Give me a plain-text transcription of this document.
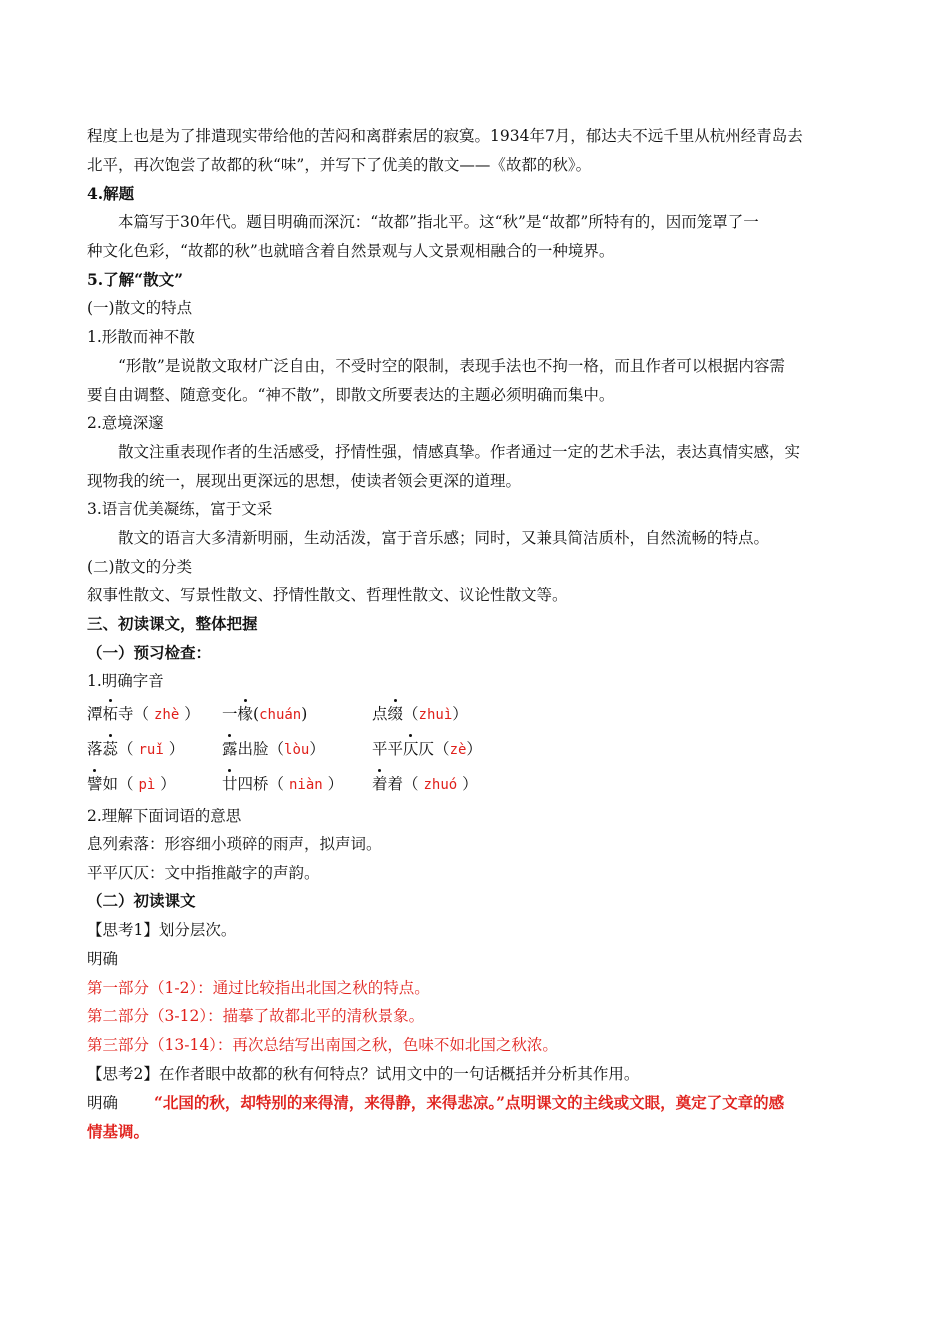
程度上也是为了排遣现实带给他的苦闷和离群索居的寂寞。1934年7月，郁达夫不远千里从杭州经青岛去
北平，再次饱尝了故都的秋“味”，并写下了优美的散文——《故都的秋》。
4.解题
本篇写于30年代。题目明确而深沉：“故都”指北平。这“秋”是“故都”所特有的，因而笼罩了一
种文化色彩，“故都的秋”也就暗含着自然景观与人文景观相融合的一种境界。
5.了解“散文”
(一)散文的特点
1.形散而神不散
“形散”是说散文取材广泛自由，不受时空的限制，表现手法也不拘一格，而且作者可以根据内容需
要自由调整、随意变化。“神不散”，即散文所要表达的主题必须明确而集中。
2.意境深邃
散文注重表现作者的生活感受，抒情性强，情感真挚。作者通过一定的艺术手法，表达真情实感，实
现物我的统一，展现出更深远的思想，使读者领会更深的道理。
3.语言优美凝练，富于文采
散文的语言大多清新明丽，生动活泼，富于音乐感；同时，又兼具简洁质朴，自然流畅的特点。
(二)散文的分类
叙事性散文、写景性散文、抒情性散文、哲理性散文、议论性散文等。
三、初读课文，整体把握
（一）预习检查：
1.明确字音
潭柘寺（ zhè ） 一椽(chuán)	点缀（zhuì）
落蕊（ ruǐ ） 露出脸（lòu）	平平仄仄（zè）
譬如（ pì ）	廿四桥（ niàn ） 着着（ zhuó ）
2.理解下面词语的意思
息列索落：形容细小琐碎的雨声，拟声词。
平平仄仄：文中指推敲字的声韵。
（二）初读课文
【思考1】划分层次。
明确
第一部分（1-2）：通过比较指出北国之秋的特点。
第二部分（3-12）：描摹了故都北平的清秋景象。
第三部分（13-14）：再次总结写出南国之秋，色味不如北国之秋浓。
【思考2】在作者眼中故都的秋有何特点？试用文中的一句话概括并分析其作用。
明确 “北国的秋，却特别的来得清，来得静，来得悲凉。”点明课文的主线或文眼，奠定了文章的感
情基调。
